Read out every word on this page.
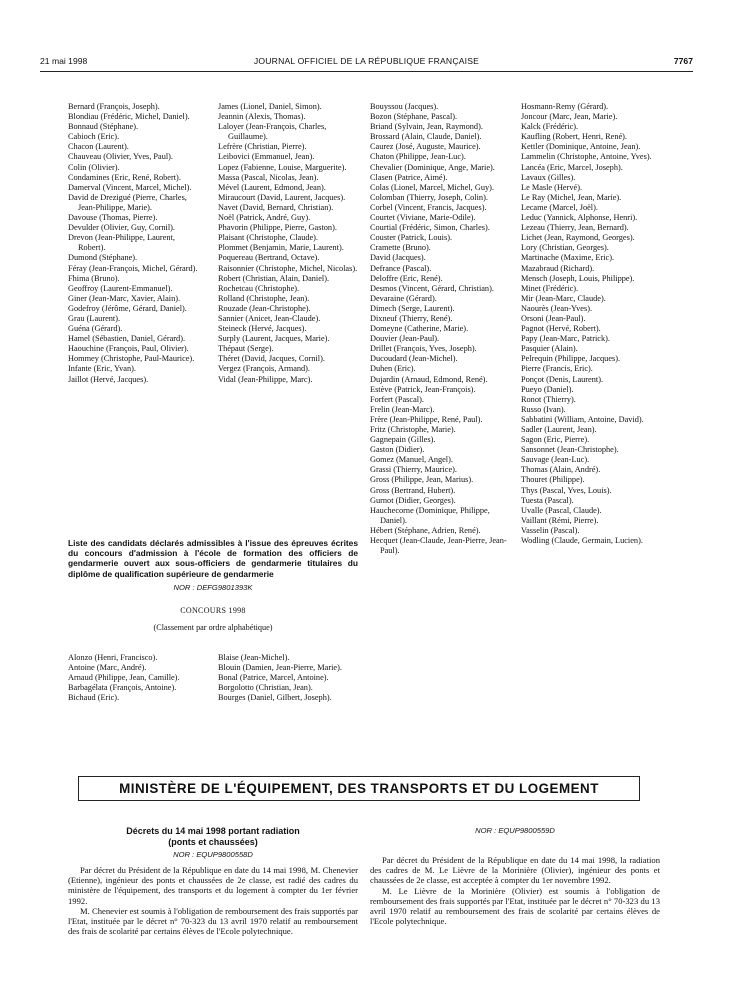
21 mai 1998	JOURNAL OFFICIEL DE LA RÉPUBLIQUE FRANÇAISE	7767
Bernard (François, Joseph).
Blondiau (Frédéric, Michel, Daniel).
Bonnaud (Stéphane).
Cabioch (Eric).
Chacon (Laurent).
Chauveau (Olivier, Yves, Paul).
Colin (Olivier).
Condamines (Eric, René, Robert).
Damerval (Vincent, Marcel, Michel).
David de Drezigué (Pierre, Charles, Jean-Philippe, Marie).
Davouse (Thomas, Pierre).
Devulder (Olivier, Guy, Cornil).
Drevon (Jean-Philippe, Laurent, Robert).
Dumond (Stéphane).
Féray (Jean-François, Michel, Gérard).
Fhima (Bruno).
Geoffroy (Laurent-Emmanuel).
Giner (Jean-Marc, Xavier, Alain).
Godefroy (Jérôme, Gérard, Daniel).
Grau (Laurent).
Guéna (Gérard).
Hamel (Sébastien, Daniel, Gérard).
Haouchine (François, Paul, Olivier).
Hommey (Christophe, Paul-Maurice).
Infante (Eric, Yvan).
Jaillot (Hervé, Jacques).
James (Lionel, Daniel, Simon).
Jeannin (Alexis, Thomas).
Laloyer (Jean-François, Charles, Guillaume).
Lefrère (Christian, Pierre).
Leibovici (Emmanuel, Jean).
Lopez (Fabienne, Louise, Marguerite).
Massa (Pascal, Nicolas, Jean).
Mével (Laurent, Edmond, Jean).
Miraucourt (David, Laurent, Jacques).
Navet (David, Bernard, Christian).
Noël (Patrick, André, Guy).
Phavorin (Philippe, Pierre, Gaston).
Plaisant (Christophe, Claude).
Plommet (Benjamin, Marie, Laurent).
Poquereau (Bertrand, Octave).
Raisonnier (Christophe, Michel, Nicolas).
Robert (Christian, Alain, Daniel).
Rochetcau (Christophe).
Rolland (Christophe, Jean).
Rouzade (Jean-Christophe).
Sannier (Anicet, Jean-Claude).
Steineck (Hervé, Jacques).
Surply (Laurent, Jacques, Marie).
Thépaut (Serge).
Théret (David, Jacques, Cornil).
Vergez (François, Armand).
Vidal (Jean-Philippe, Marc).
Bouyssou (Jacques).
Bozon (Stéphane, Pascal).
Briand (Sylvain, Jean, Raymond).
Brossard (Alain, Claude, Daniel).
Caurez (José, Auguste, Maurice).
Chaton (Philippe, Jean-Luc).
Chevalier (Dominique, Ange, Marie).
Clasen (Patrice, Aimé).
Colas (Lionel, Marcel, Michel, Guy).
Colomban (Thierry, Joseph, Colin).
Corbel (Vincent, Francis, Jacques).
Courtet (Viviane, Marie-Odile).
Courtial (Frédéric, Simon, Charles).
Couster (Patrick, Louis).
Cramette (Bruno).
David (Jacques).
Defrance (Pascal).
Deloffre (Eric, René).
Desmos (Vincent, Gérard, Christian).
Devaraine (Gérard).
Dimech (Serge, Laurent).
Dixneuf (Thierry, René).
Domeyne (Catherine, Marie).
Douvier (Jean-Paul).
Drillet (François, Yves, Joseph).
Ducoudard (Jean-Michel).
Duhen (Eric).
Dujardin (Arnaud, Edmond, René).
Estève (Patrick, Jean-François).
Forfert (Pascal).
Frelin (Jean-Marc).
Frère (Jean-Philippe, René, Paul).
Fritz (Christophe, Marie).
Gagnepain (Gilles).
Gaston (Didier).
Gomez (Manuel, Angel).
Grassi (Thierry, Maurice).
Gross (Philippe, Jean, Marius).
Gross (Bertrand, Hubert).
Gurnot (Didier, Georges).
Hauchecorne (Dominique, Philippe, Daniel).
Hébert (Stéphane, Adrien, René).
Hecquet (Jean-Claude, Jean-Pierre, Jean-Paul).
Hosmann-Remy (Gérard).
Joncour (Marc, Jean, Marie).
Kalck (Frédéric).
Kaufling (Robert, Henri, René).
Kettler (Dominique, Antoine, Jean).
Lammelin (Christophe, Antoine, Yves).
Lancéa (Eric, Marcel, Joseph).
Lavaux (Gilles).
Le Masle (Hervé).
Le Ray (Michel, Jean, Marie).
Lecame (Marcel, Joël).
Leduc (Yannick, Alphonse, Henri).
Lezeau (Thierry, Jean, Bernard).
Lichet (Jean, Raymond, Georges).
Lory (Christian, Georges).
Martinache (Maxime, Eric).
Mazabraud (Richard).
Mensch (Joseph, Louis, Philippe).
Minet (Frédéric).
Mir (Jean-Marc, Claude).
Naourès (Jean-Yves).
Orsoni (Jean-Paul).
Pagnot (Hervé, Robert).
Papy (Jean-Marc, Patrick).
Pasquier (Alain).
Pelrequin (Philippe, Jacques).
Pierre (Francis, Eric).
Ponçot (Denis, Laurent).
Pueyo (Daniel).
Ronot (Thierry).
Russo (Ivan).
Sabbatini (William, Antoine, David).
Sadler (Laurent, Jean).
Sagon (Eric, Pierre).
Sansonnet (Jean-Christophe).
Sauvage (Jean-Luc).
Thomas (Alain, André).
Thouret (Philippe).
Thys (Pascal, Yves, Louis).
Tuesta (Pascal).
Uvalle (Pascal, Claude).
Vaillant (Rémi, Pierre).
Vasselin (Pascal).
Wodling (Claude, Germain, Lucien).
Liste des candidats déclarés admissibles à l'issue des épreuves écrites du concours d'admission à l'école de formation des officiers de gendarmerie ouvert aux sous-officiers de gendarmerie titulaires du diplôme de qualification supérieure de gendarmerie
NOR : DEFG9801393K
CONCOURS 1998
(Classement par ordre alphabétique)
Alonzo (Henri, Francisco).
Antoine (Marc, André).
Arnaud (Philippe, Jean, Camille).
Barbagélata (François, Antoine).
Bichaud (Eric).
Blaise (Jean-Michel).
Blouin (Damien, Jean-Pierre, Marie).
Bonal (Patrice, Marcel, Antoine).
Borgolotto (Christian, Jean).
Bourges (Daniel, Gilbert, Joseph).
MINISTÈRE DE L'ÉQUIPEMENT, DES TRANSPORTS ET DU LOGEMENT
Décrets du 14 mai 1998 portant radiation
(ponts et chaussées)
NOR : EQUP9800558D
Par décret du Président de la République en date du 14 mai 1998, M. Chenevier (Etienne), ingénieur des ponts et chaussées de 2e classe, est radié des cadres du ministère de l'équipement, des transports et du logement à compter du 1er février 1992.
M. Chenevier est soumis à l'obligation de remboursement des frais supportés par l'Etat, instituée par le décret n° 70-323 du 13 avril 1970 relatif au remboursement des frais de scolarité par certains élèves de l'Ecole polytechnique.
NOR : EQUP9800559D
Par décret du Président de la République en date du 14 mai 1998, la radiation des cadres de M. Le Lièvre de la Morinière (Olivier), ingénieur des ponts et chaussées de 2e classe, est acceptée à compter du 1er novembre 1992.
M. Le Lièvre de la Morinière (Olivier) est soumis à l'obligation de remboursement des frais supportés par l'Etat, instituée par le décret n° 70-323 du 13 avril 1970 relatif au remboursement des frais de scolarité par certains élèves de l'Ecole polytechnique.
